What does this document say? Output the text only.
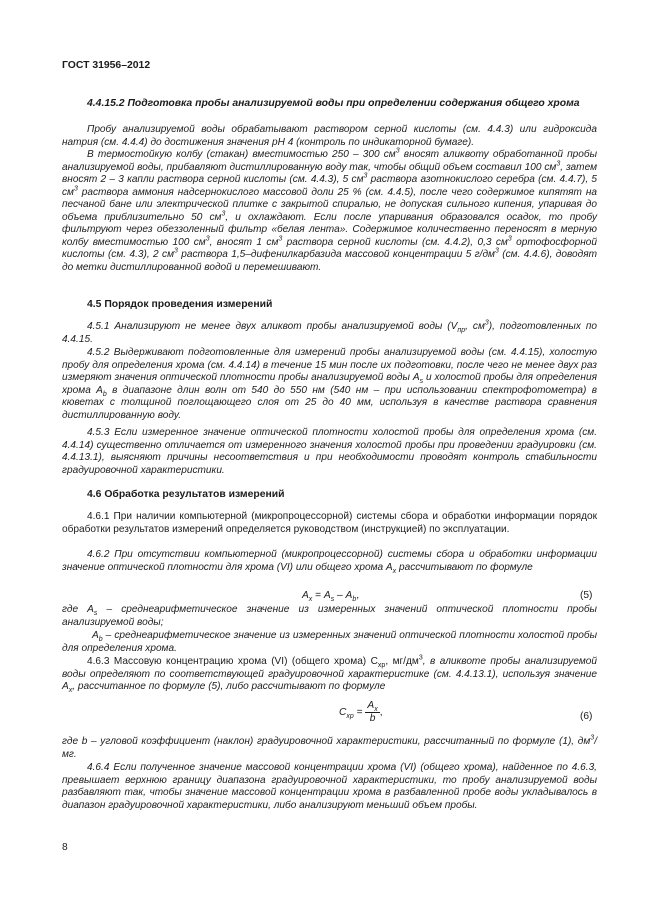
ГОСТ 31956–2012
4.4.15.2 Подготовка пробы анализируемой воды при определении содержания общего хрома
Пробу анализируемой воды обрабатывают раствором серной кислоты (см. 4.4.3) или гидроксида натрия (см. 4.4.4) до достижения значения pH 4 (контроль по индикаторной бумаге).
В термостойкую колбу (стакан) вместимостью 250 – 300 $см^3$ вносят аликвоту обработанной пробы анализируемой воды, прибавляют дистиллированную воду так, чтобы общий объем составил 100 $см^3$, затем вносят 2 – 3 капли раствора серной кислоты (см. 4.4.3), 5 $см^3$ раствора азотнокислого серебра (см. 4.4.7), 5 $см^3$ раствора аммония надсернокислого массовой доли 25 % (см. 4.4.5), после чего содержимое кипятят на песчаной бане или электрической плитке с закрытой спиралью, не допуская сильного кипения, упаривая до объема приблизительно 50 $см^3$, и охлаждают. Если после упаривания образовался осадок, то пробу фильтруют через обеззоленный фильтр «белая лента». Содержимое количественно переносят в мерную колбу вместимостью 100 $см^3$, вносят 1 $см^3$ раствора серной кислоты (см. 4.4.2), 0,3 $см^3$ ортофосфорной кислоты (см. 4.3), 2 $см^3$ раствора 1,5–дифенилкарбазида массовой концентрации 5 $г/дм^3$ (см. 4.4.6), доводят до метки дистиллированной водой и перемешивают.
4.5 Порядок проведения измерений
4.5.1 Анализируют не менее двух аликвот пробы анализируемой воды ($V_{пр}$, $см^3$), подготовленных по 4.4.15.
4.5.2 Выдерживают подготовленные для измерений пробы анализируемой воды (см. 4.4.15), холостую пробу для определения хрома (см. 4.4.14) в течение 15 мин после их подготовки, после чего не менее двух раз измеряют значения оптической плотности пробы анализируемой воды $A_s$ и холостой пробы для определения хрома $A_b$ в диапазоне длин волн от 540 до 550 нм (540 нм – при использовании спектрофотометра) в кюветах с толщиной поглощающего слоя от 25 до 40 мм, используя в качестве раствора сравнения дистиллированную воду.
4.5.3 Если измеренное значение оптической плотности холостой пробы для определения хрома (см. 4.4.14) существенно отличается от измеренного значения холостой пробы при проведении градуировки (см. 4.4.13.1), выясняют причины несоответствия и при необходимости проводят контроль стабильности градуировочной характеристики.
4.6 Обработка результатов измерений
4.6.1 При наличии компьютерной (микропроцессорной) системы сбора и обработки информации порядок обработки результатов измерений определяется руководством (инструкцией) по эксплуатации.
4.6.2 При отсутствии компьютерной (микропроцессорной) системы сбора и обработки информации значение оптической плотности для хрома (VI) или общего хрома $A_x$ рассчитывают по формуле
$A_x = A_s - A_b$,	(5)
где $A_s$ – среднеарифметическое значение из измеренных значений оптической плотности пробы анализируемой воды;
$A_b$ – среднеарифметическое значение из измеренных значений оптической плотности холостой пробы для определения хрома.
4.6.3 Массовую концентрацию хрома (VI) (общего хрома) $C_{хр}$, $мг/дм^3$, в аликвоте пробы анализируемой воды определяют по соответствующей градуировочной характеристике (см. 4.4.13.1), используя значение $A_x$, рассчитанное по формуле (5), либо рассчитывают по формуле
$C_{хр} = \frac{A_x}{b}$ ,	(6)
где b – угловой коэффициент (наклон) градуировочной характеристики, рассчитанный по формуле (1), $дм^3/мг$.
4.6.4 Если полученное значение массовой концентрации хрома (VI) (общего хрома), найденное по 4.6.3, превышает верхнюю границу диапазона градуировочной характеристики, то пробу анализируемой воды разбавляют так, чтобы значение массовой концентрации хрома в разбавленной пробе воды укладывалось в диапазон градуировочной характеристики, либо анализируют меньший объем пробы.
8
